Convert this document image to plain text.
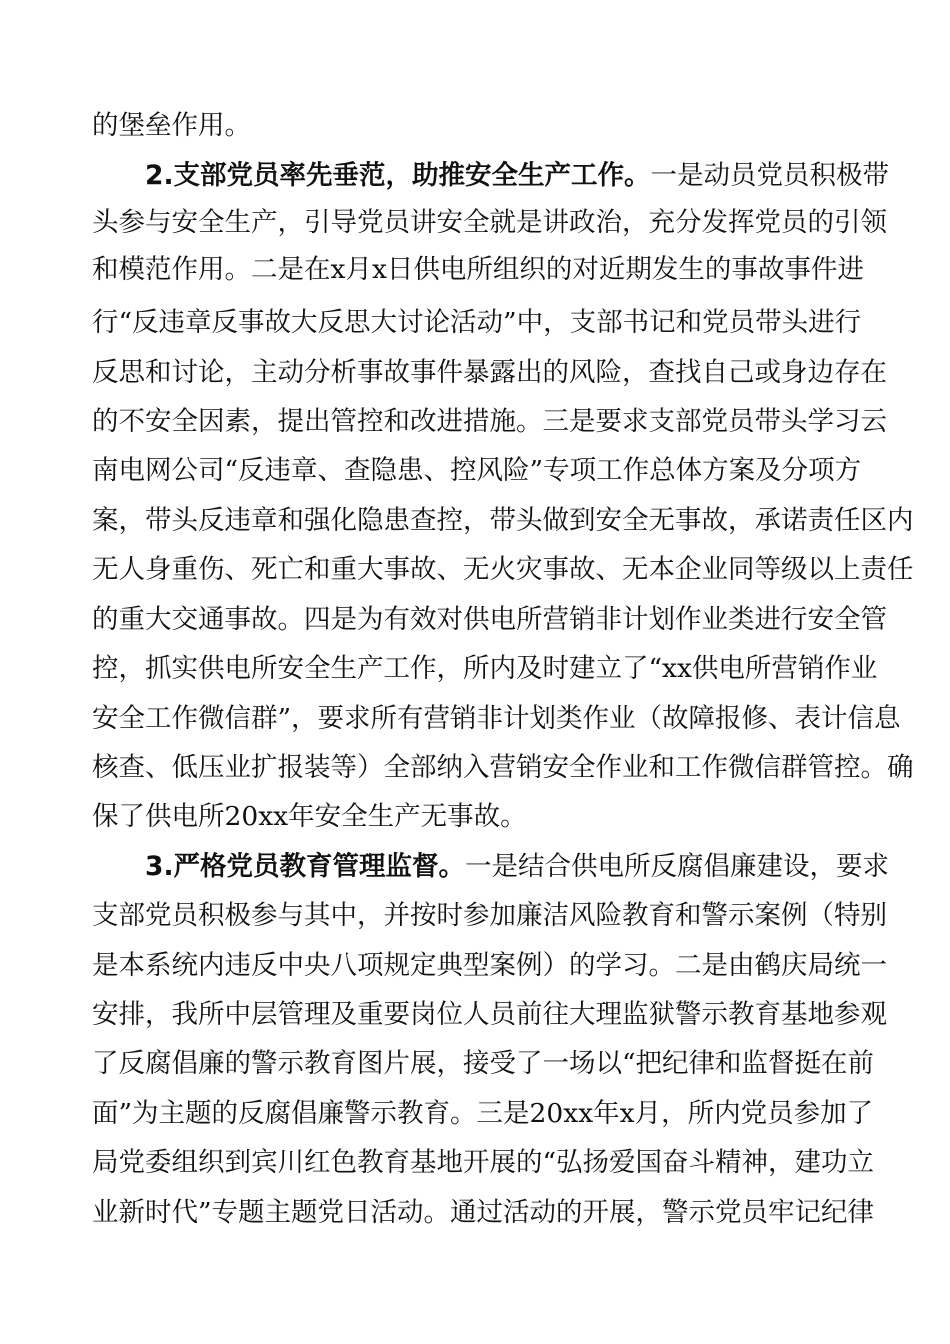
的堡垒作用。
2.支部党员率先垂范，助推安全生产工作。一是动员党员积极带
头参与安全生产，引导党员讲安全就是讲政治，充分发挥党员的引领
和模范作用。二是在x月x日供电所组织的对近期发生的事故事件进
行“反违章反事故大反思大讨论活动”中，支部书记和党员带头进行
反思和讨论，主动分析事故事件暴露出的风险，查找自己或身边存在
的不安全因素，提出管控和改进措施。三是要求支部党员带头学习云
南电网公司“反违章、查隐患、控风险”专项工作总体方案及分项方
案，带头反违章和强化隐患查控，带头做到安全无事故，承诺责任区内
无人身重伤、死亡和重大事故、无火灾事故、无本企业同等级以上责任
的重大交通事故。四是为有效对供电所营销非计划作业类进行安全管
控，抓实供电所安全生产工作，所内及时建立了“xx供电所营销作业
安全工作微信群”，要求所有营销非计划类作业（故障报修、表计信息
核查、低压业扩报装等）全部纳入营销安全作业和工作微信群管控。确
保了供电所20xx年安全生产无事故。
3.严格党员教育管理监督。一是结合供电所反腐倡廉建设，要求
支部党员积极参与其中，并按时参加廉洁风险教育和警示案例（特别
是本系统内违反中央八项规定典型案例）的学习。二是由鹤庆局统一
安排，我所中层管理及重要岗位人员前往大理监狱警示教育基地参观
了反腐倡廉的警示教育图片展，接受了一场以“把纪律和监督挺在前
面”为主题的反腐倡廉警示教育。三是20xx年x月，所内党员参加了
局党委组织到宾川红色教育基地开展的“弘扬爱国奋斗精神，建功立
业新时代”专题主题党日活动。通过活动的开展，警示党员牢记纪律
